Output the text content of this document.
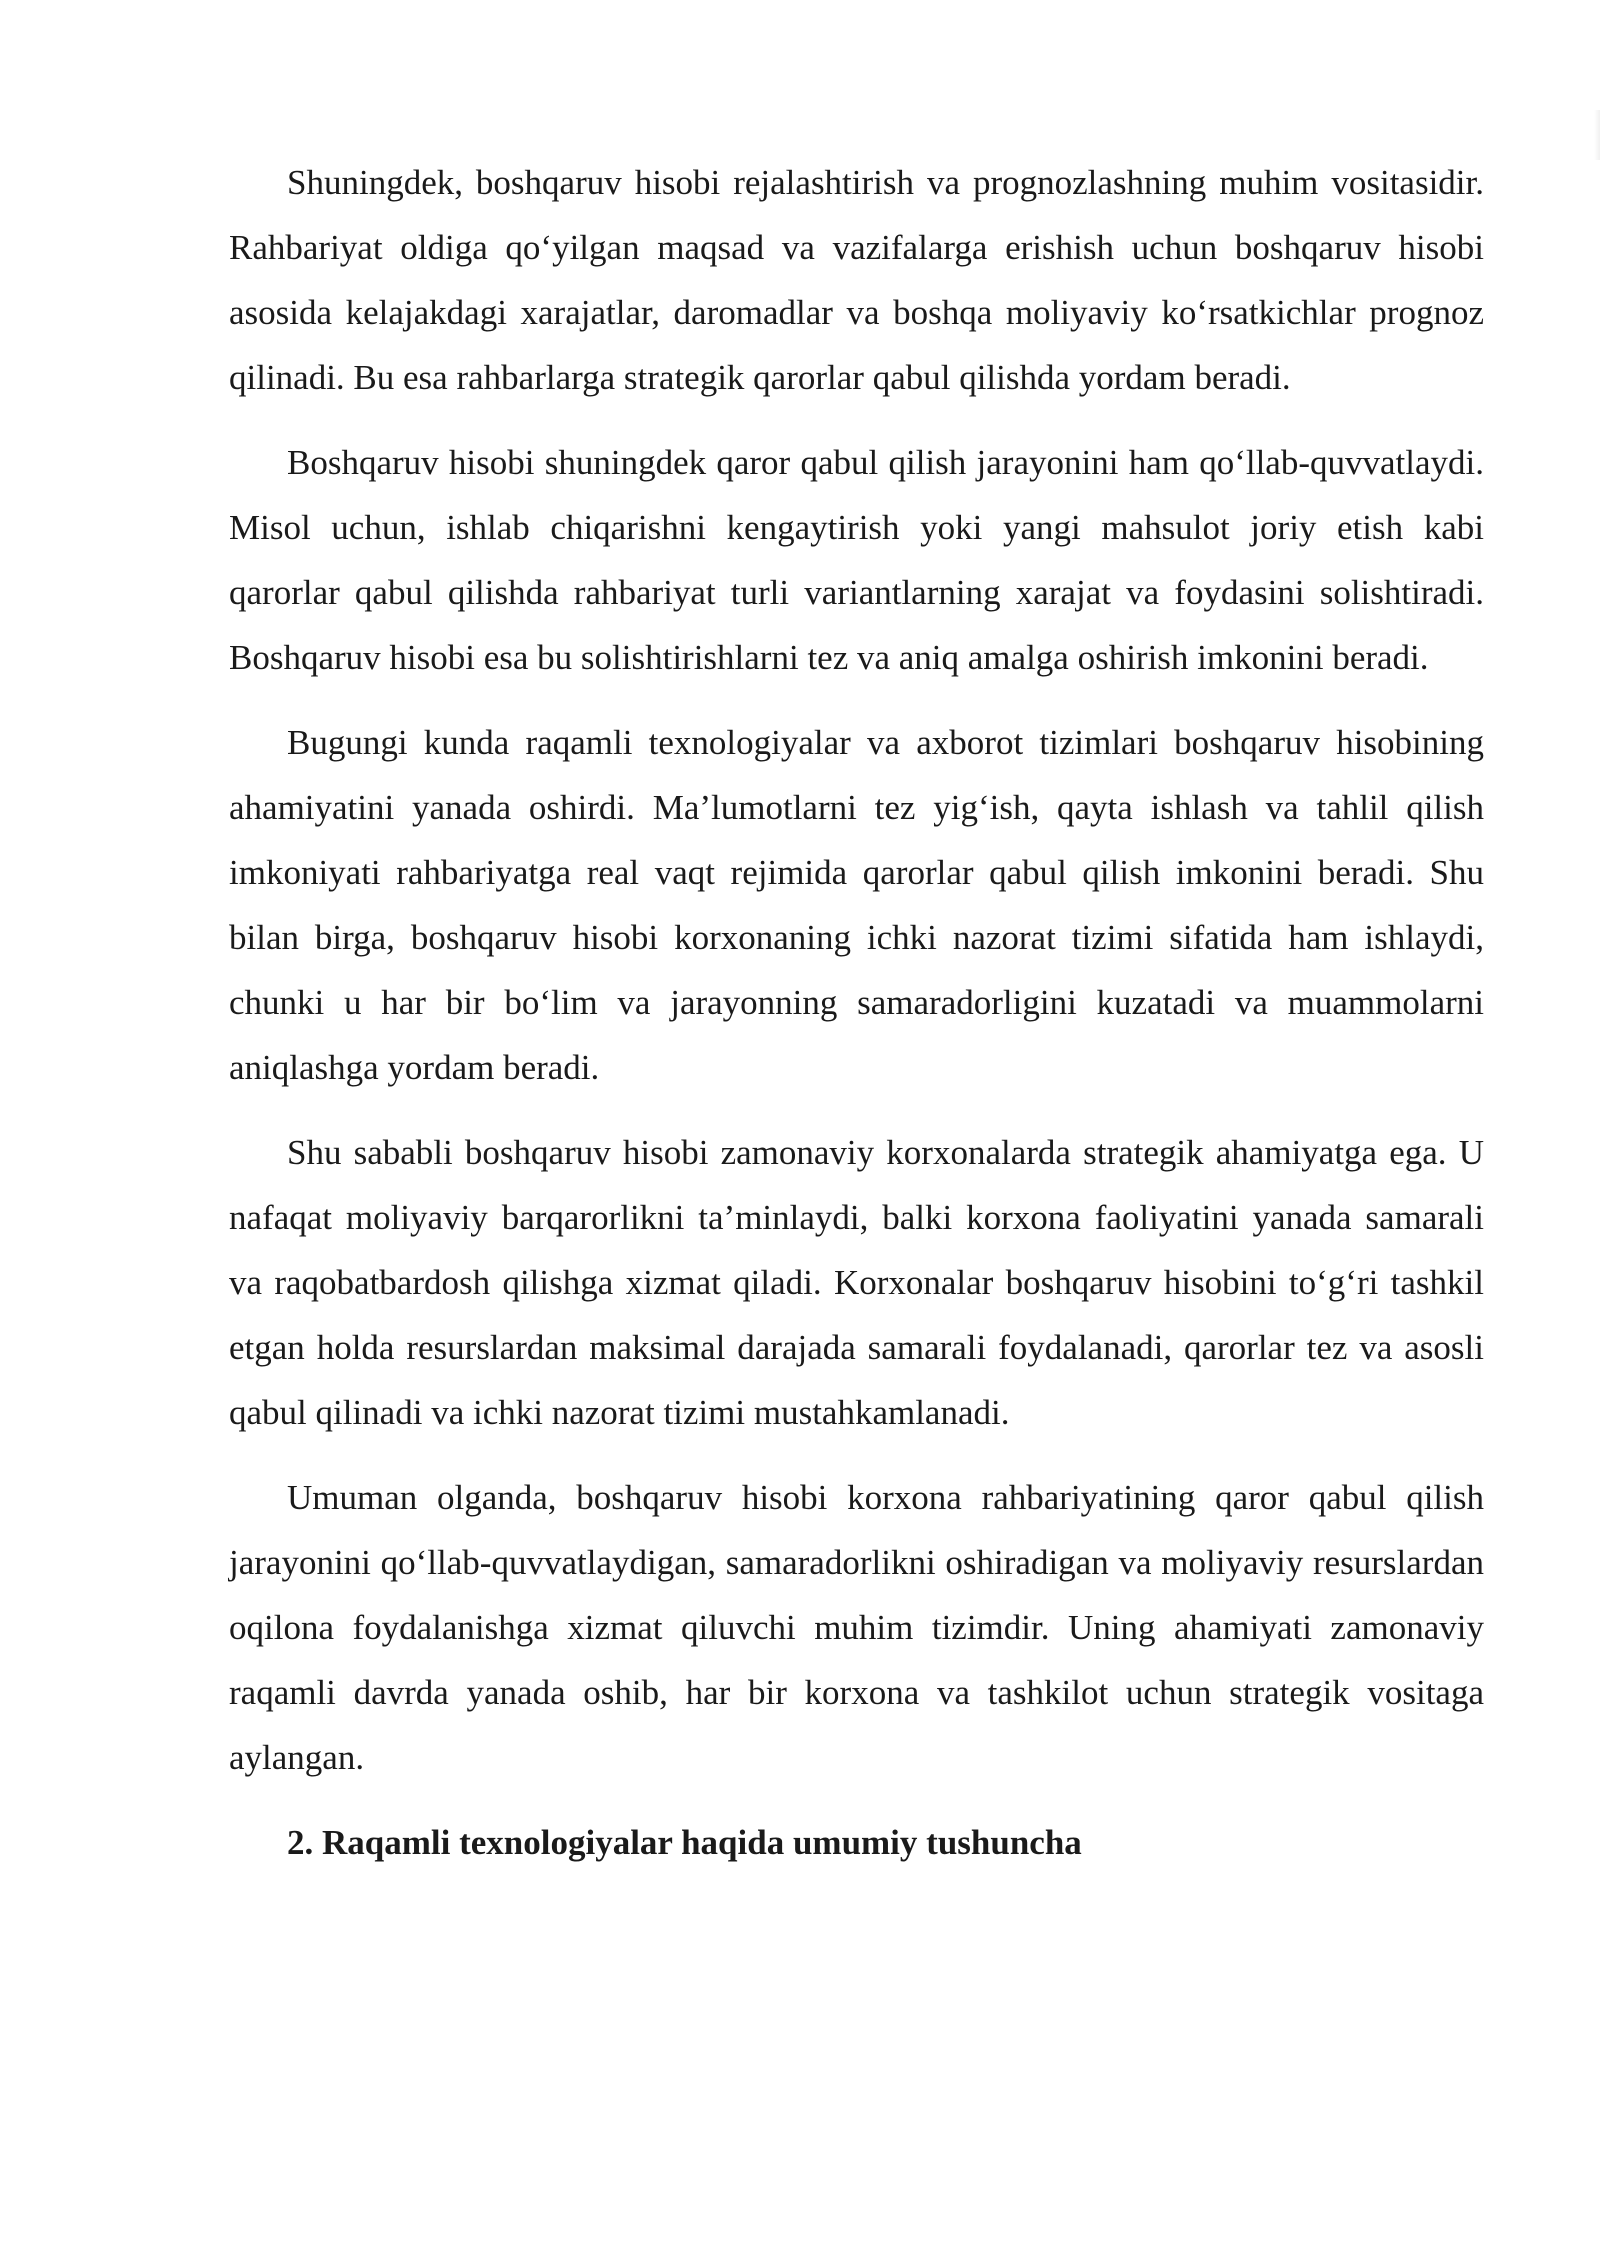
Shuningdek, boshqaruv hisobi rejalashtirish va prognozlashning muhim vositasidir. Rahbariyat oldiga qo‘yilgan maqsad va vazifalarga erishish uchun boshqaruv hisobi asosida kelajakdagi xarajatlar, daromadlar va boshqa moliyaviy ko‘rsatkichlar prognoz qilinadi. Bu esa rahbarlarga strategik qarorlar qabul qilishda yordam beradi.

Boshqaruv hisobi shuningdek qaror qabul qilish jarayonini ham qo‘llab-quvvatlaydi. Misol uchun, ishlab chiqarishni kengaytirish yoki yangi mahsulot joriy etish kabi qarorlar qabul qilishda rahbariyat turli variantlarning xarajat va foydasini solishtiradi. Boshqaruv hisobi esa bu solishtirishlarni tez va aniq amalga oshirish imkonini beradi.

Bugungi kunda raqamli texnologiyalar va axborot tizimlari boshqaruv hisobining ahamiyatini yanada oshirdi. Ma’lumotlarni tez yig‘ish, qayta ishlash va tahlil qilish imkoniyati rahbariyatga real vaqt rejimida qarorlar qabul qilish imkonini beradi. Shu bilan birga, boshqaruv hisobi korxonaning ichki nazorat tizimi sifatida ham ishlaydi, chunki u har bir bo‘lim va jarayonning samaradorligini kuzatadi va muammolarni aniqlashga yordam beradi.

Shu sababli boshqaruv hisobi zamonaviy korxonalarda strategik ahamiyatga ega. U nafaqat moliyaviy barqarorlikni ta’minlaydi, balki korxona faoliyatini yanada samarali va raqobatbardosh qilishga xizmat qiladi. Korxonalar boshqaruv hisobini to‘g‘ri tashkil etgan holda resurslardan maksimal darajada samarali foydalanadi, qarorlar tez va asosli qabul qilinadi va ichki nazorat tizimi mustahkamlanadi.

Umuman olganda, boshqaruv hisobi korxona rahbariyatining qaror qabul qilish jarayonini qo‘llab-quvvatlaydigan, samaradorlikni oshiradigan va moliyaviy resurslardan oqilona foydalanishga xizmat qiluvchi muhim tizimdir. Uning ahamiyati zamonaviy raqamli davrda yanada oshib, har bir korxona va tashkilot uchun strategik vositaga aylangan.

2. Raqamli texnologiyalar haqida umumiy tushuncha
